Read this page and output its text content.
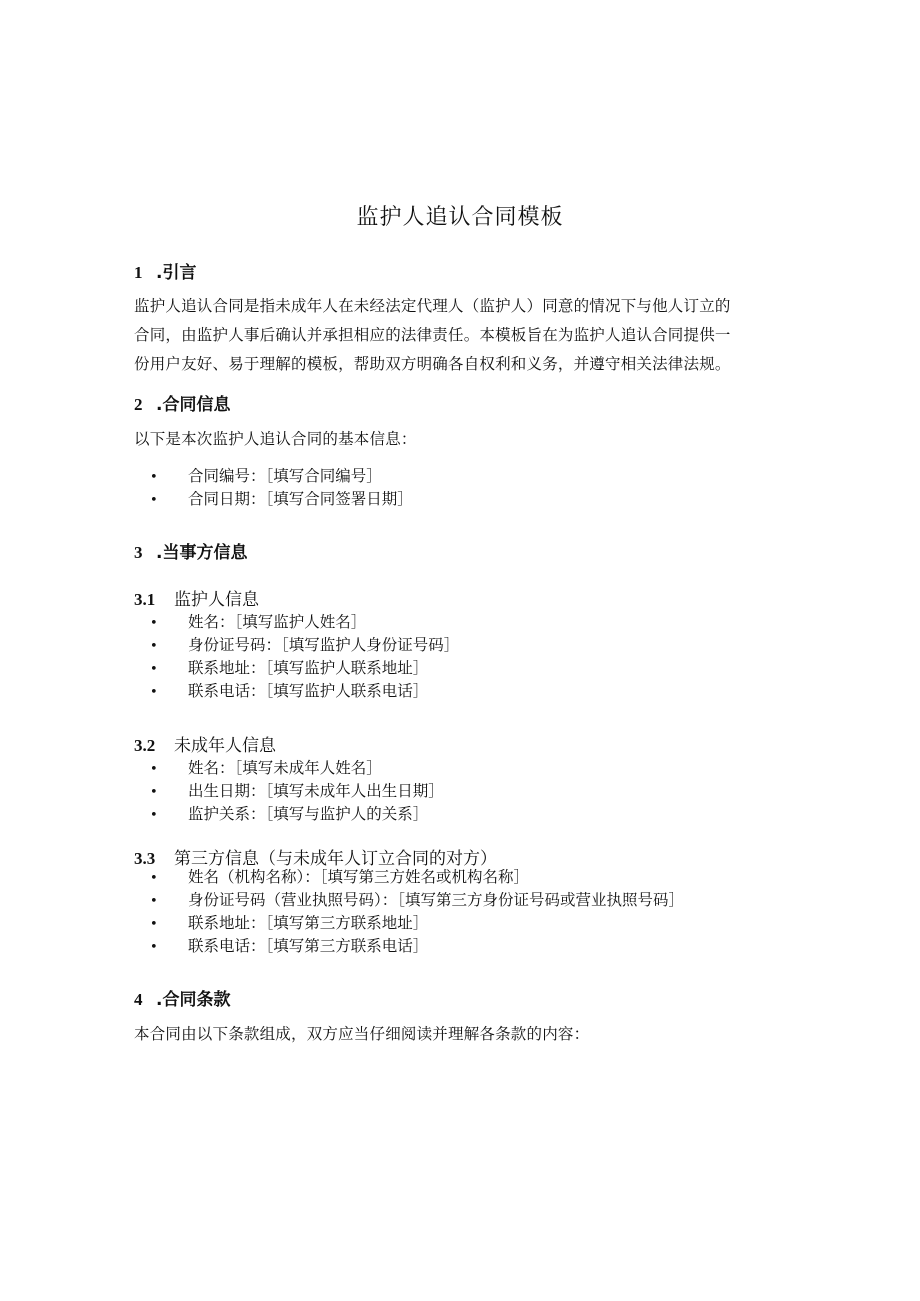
监护人追认合同模板
1 .引言
监护人追认合同是指未成年人在未经法定代理人（监护人）同意的情况下与他人订立的
合同，由监护人事后确认并承担相应的法律责任。本模板旨在为监护人追认合同提供一
份用户友好、易于理解的模板，帮助双方明确各自权利和义务，并遵守相关法律法规。
2 .合同信息
以下是本次监护人追认合同的基本信息：
• 合同编号：［填写合同编号］
• 合同日期：［填写合同签署日期］
3 .当事方信息
3.1 监护人信息
• 姓名：［填写监护人姓名］
• 身份证号码：［填写监护人身份证号码］
• 联系地址：［填写监护人联系地址］
• 联系电话：［填写监护人联系电话］
3.2 未成年人信息
• 姓名：［填写未成年人姓名］
• 出生日期：［填写未成年人出生日期］
• 监护关系：［填写与监护人的关系］
3.3 第三方信息（与未成年人订立合同的对方）
• 姓名（机构名称）：［填写第三方姓名或机构名称］
• 身份证号码（营业执照号码）：［填写第三方身份证号码或营业执照号码］
• 联系地址：［填写第三方联系地址］
• 联系电话：［填写第三方联系电话］
4 .合同条款
本合同由以下条款组成，双方应当仔细阅读并理解各条款的内容：
